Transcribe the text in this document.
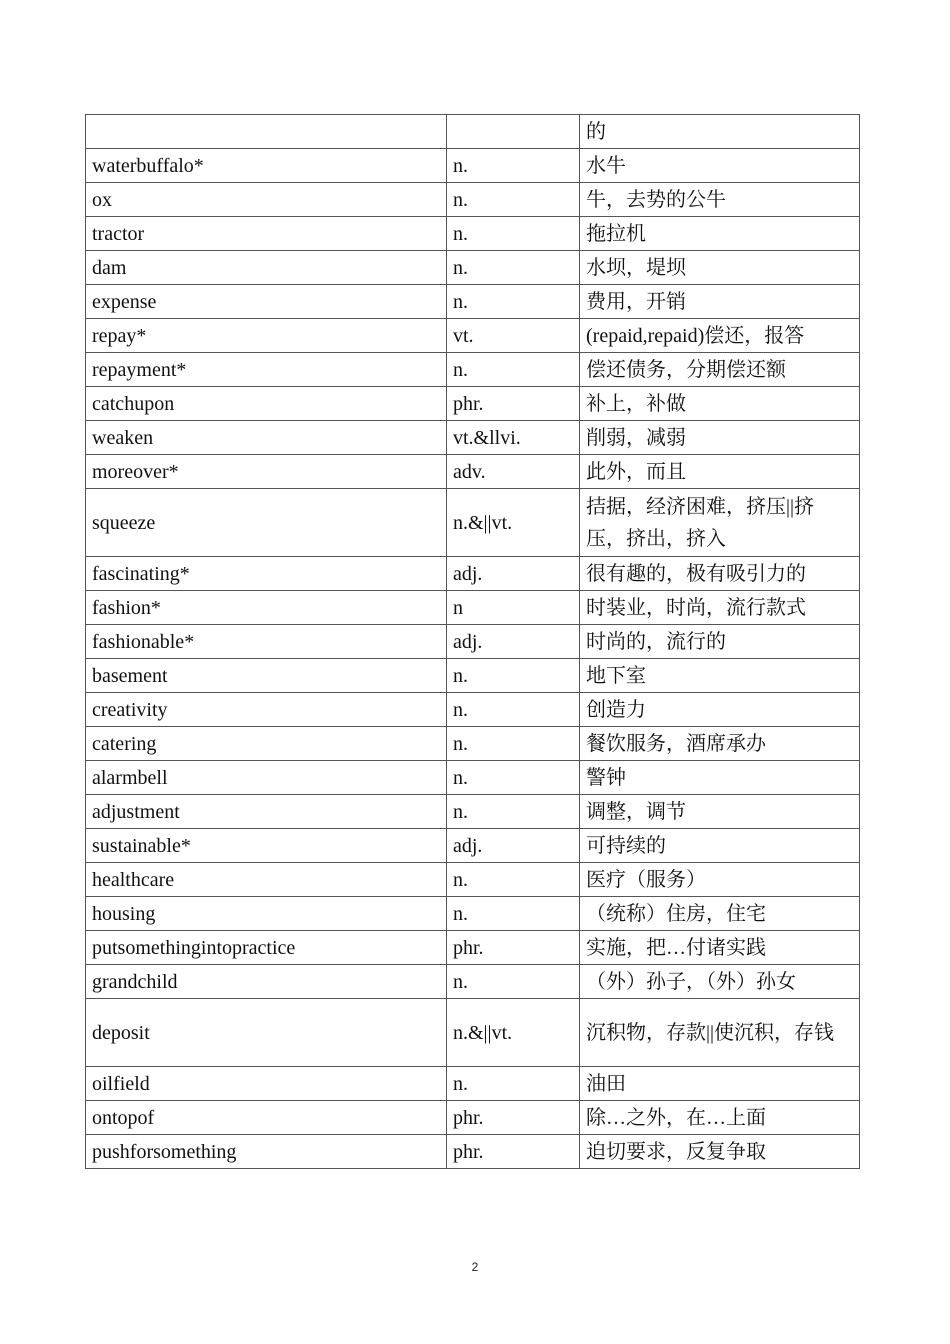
		的
waterbuffalo*	n.	水牛
ox	n.	牛，去势的公牛
tractor	n.	拖拉机
dam	n.	水坝，堤坝
expense	n.	费用，开销
repay*	vt.	(repaid,repaid)偿还，报答
repayment*	n.	偿还债务，分期偿还额
catchupon	phr.	补上，补做
weaken	vt.&llvi.	削弱，减弱
moreover*	adv.	此外，而且
squeeze	n.&||vt.	拮据，经济困难，挤压||挤压，挤出，挤入
fascinating*	adj.	很有趣的，极有吸引力的
fashion*	n	时装业，时尚，流行款式
fashionable*	adj.	时尚的，流行的
basement	n.	地下室
creativity	n.	创造力
catering	n.	餐饮服务，酒席承办
alarmbell	n.	警钟
adjustment	n.	调整，调节
sustainable*	adj.	可持续的
healthcare	n.	医疗（服务）
housing	n.	（统称）住房，住宅
putsomethingintopractice	phr.	实施，把…付诸实践
grandchild	n.	（外）孙子，（外）孙女
deposit	n.&||vt.	沉积物，存款||使沉积，存钱
oilfield	n.	油田
ontopof	phr.	除…之外，在…上面
pushforsomething	phr.	迫切要求，反复争取
2
